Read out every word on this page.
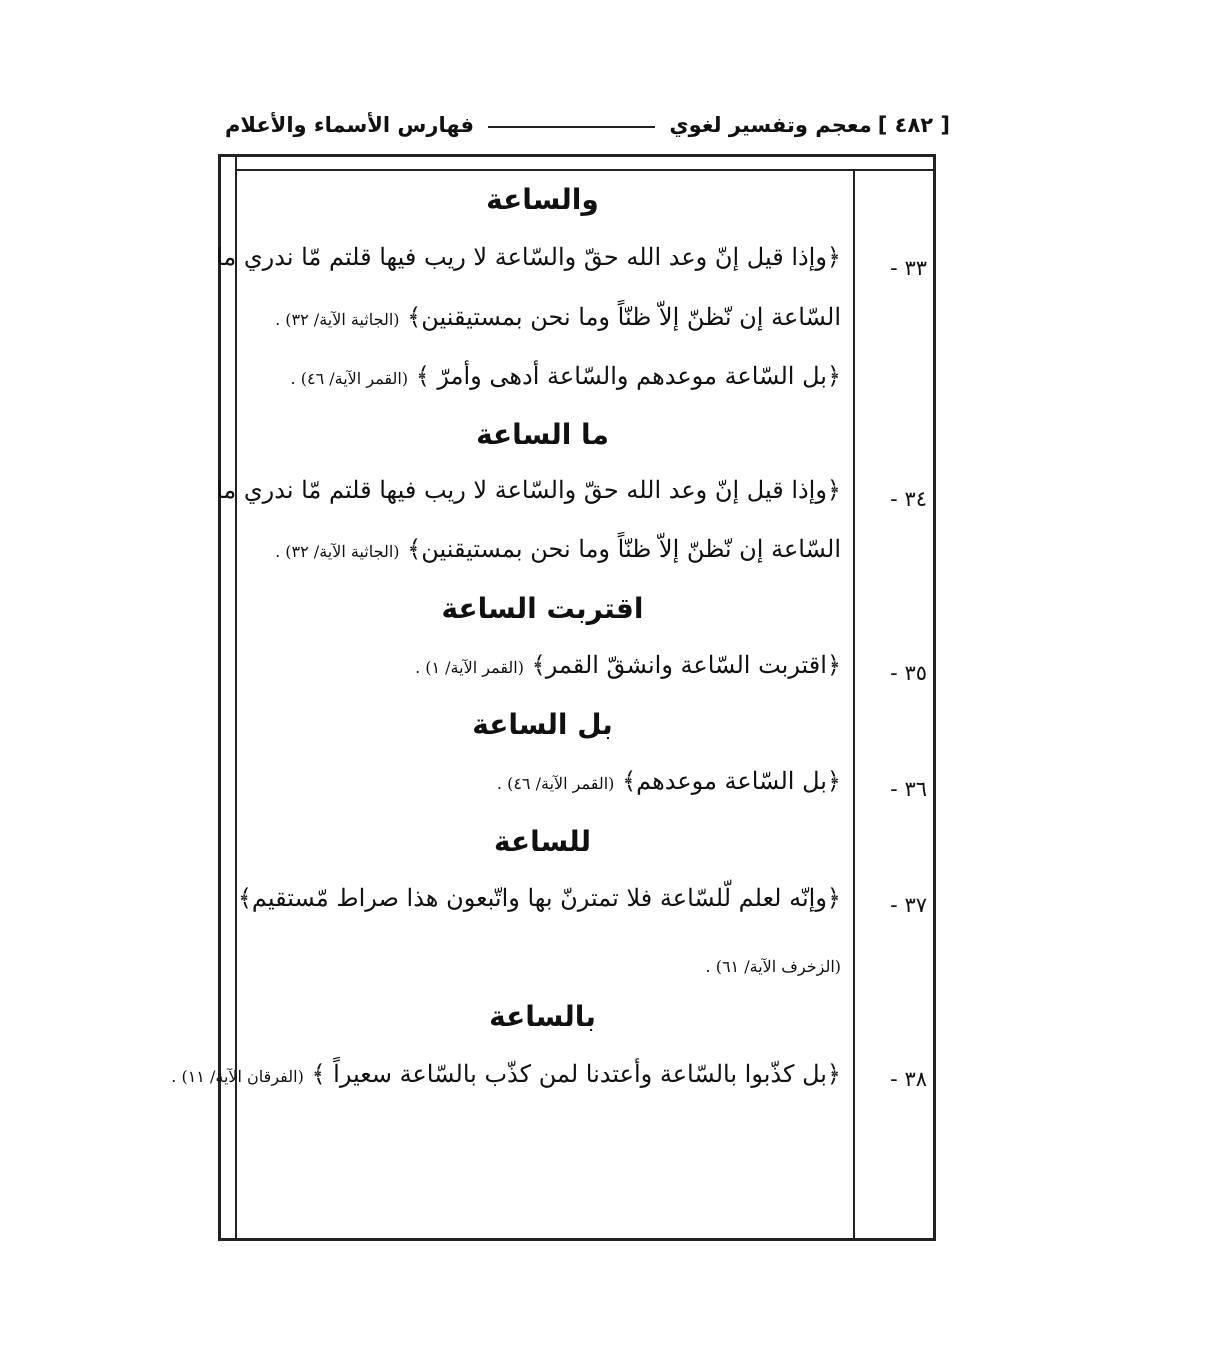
[ ٤٨٢ ]
معجم وتفسير لغوي
فهارس الأسماء والأعلام
والساعة
٣٣ -
﴿وإذا قيل إنّ وعد الله حقّ والسّاعة لا ريب فيها قلتم مّا ندري ما
السّاعة إن نّظنّ إلاّ ظنّاً وما نحن بمستيقنين﴾ (الجاثية الآية/ ٣٢) .
﴿بل السّاعة موعدهم والسّاعة أدهى وأمرّ ﴾ (القمر الآية/ ٤٦) .
ما الساعة
٣٤ -
﴿وإذا قيل إنّ وعد الله حقّ والسّاعة لا ريب فيها قلتم مّا ندري ما
السّاعة إن نّظنّ إلاّ ظنّاً وما نحن بمستيقنين﴾ (الجاثية الآية/ ٣٢) .
اقتربت الساعة
٣٥ -
﴿اقتربت السّاعة وانشقّ القمر﴾ (القمر الآية/ ١) .
بل الساعة
٣٦ -
﴿بل السّاعة موعدهم﴾ (القمر الآية/ ٤٦) .
للساعة
٣٧ -
﴿وإنّه لعلم لّلسّاعة فلا تمترنّ بها واتّبعون هذا صراط مّستقيم﴾
(الزخرف الآية/ ٦١) .
بالساعة
٣٨ -
﴿بل كذّبوا بالسّاعة وأعتدنا لمن كذّب بالسّاعة سعيراً ﴾ (الفرقان الآية/ ١١) .
